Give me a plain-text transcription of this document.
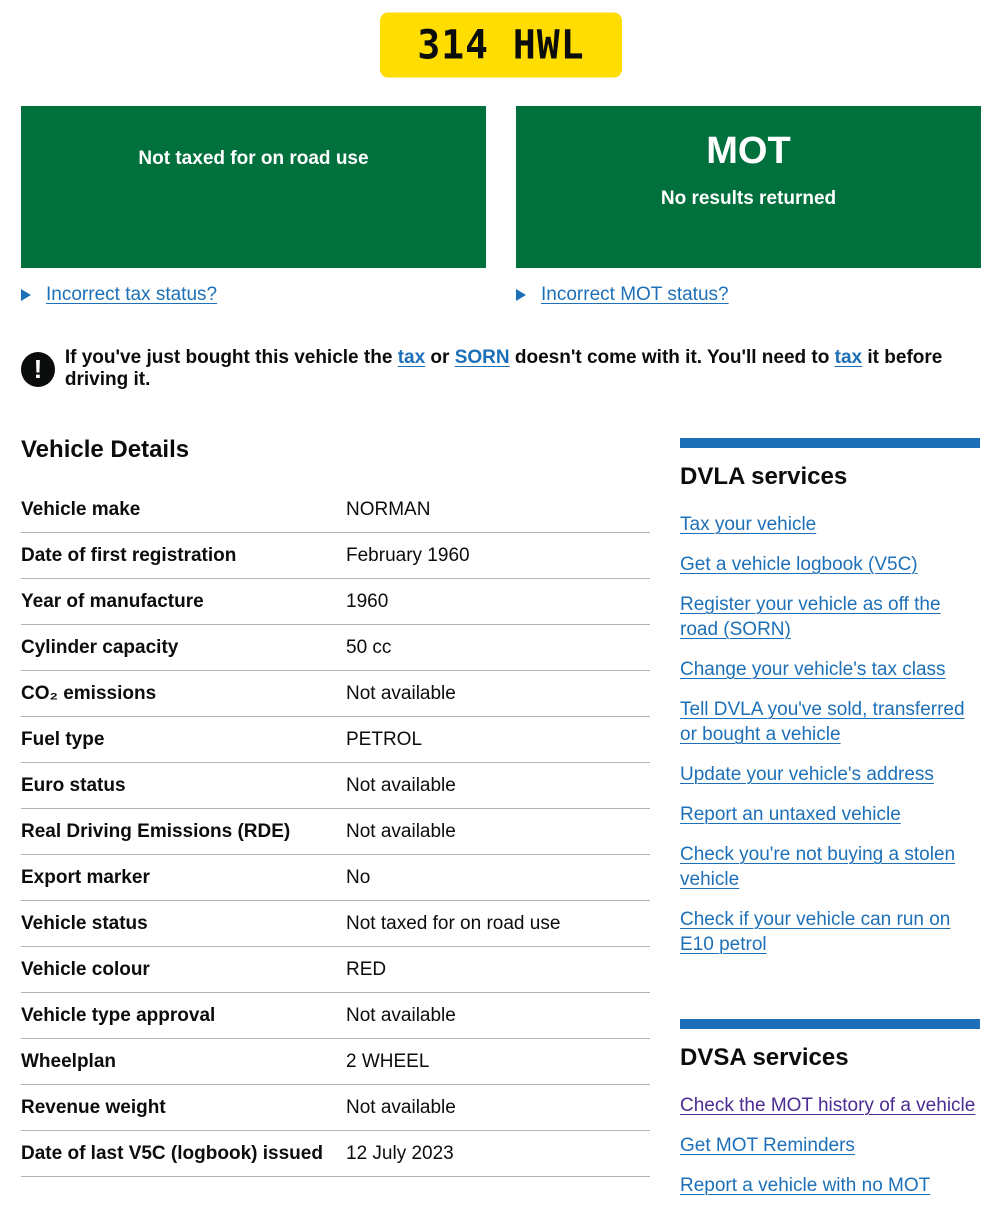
314 HWL
Not taxed for on road use	MOT
No results returned
Incorrect tax status?	Incorrect MOT status?
!	If you've just bought this vehicle the tax or SORN doesn't come with it. You'll need to tax it before driving it.
Vehicle Details
Vehicle make	NORMAN
Date of first registration	February 1960
Year of manufacture	1960
Cylinder capacity	50 cc
CO₂ emissions	Not available
Fuel type	PETROL
Euro status	Not available
Real Driving Emissions (RDE)	Not available
Export marker	No
Vehicle status	Not taxed for on road use
Vehicle colour	RED
Vehicle type approval	Not available
Wheelplan	2 WHEEL
Revenue weight	Not available
Date of last V5C (logbook) issued	12 July 2023
DVLA services
Tax your vehicle
Get a vehicle logbook (V5C)
Register your vehicle as off the road (SORN)
Change your vehicle's tax class
Tell DVLA you've sold, transferred or bought a vehicle
Update your vehicle's address
Report an untaxed vehicle
Check you're not buying a stolen vehicle
Check if your vehicle can run on E10 petrol
DVSA services
Check the MOT history of a vehicle
Get MOT Reminders
Report a vehicle with no MOT
